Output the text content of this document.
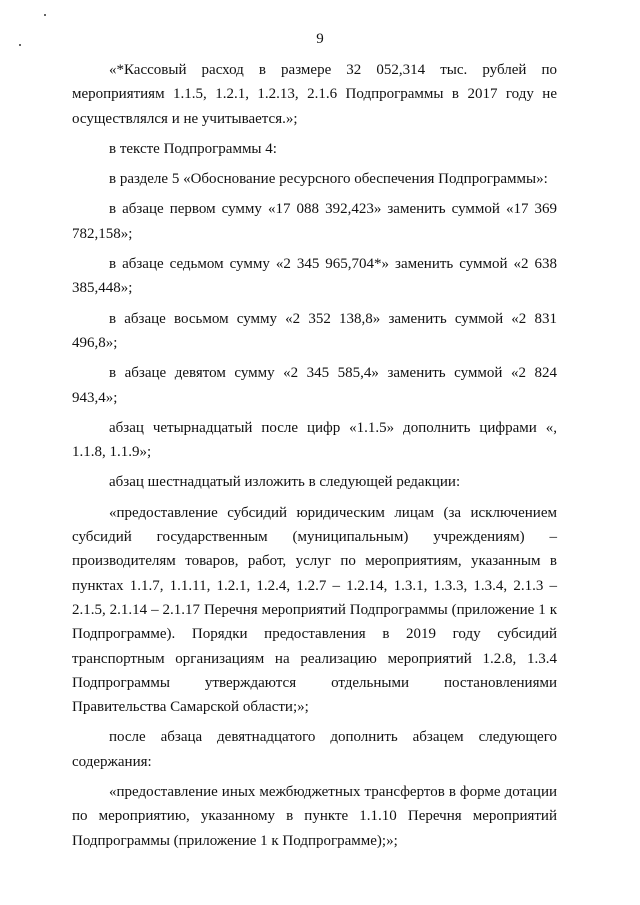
9

«*Кассовый расход в размере 32 052,314 тыс. рублей по мероприятиям 1.1.5, 1.2.1, 1.2.13, 2.1.6 Подпрограммы в 2017 году не осуществлялся и не учитывается.»;

в тексте Подпрограммы 4:

в разделе 5 «Обоснование ресурсного обеспечения Подпрограммы»:

в абзаце первом сумму «17 088 392,423» заменить суммой «17 369 782,158»;

в абзаце седьмом сумму «2 345 965,704*» заменить суммой «2 638 385,448»;

в абзаце восьмом сумму «2 352 138,8» заменить суммой «2 831 496,8»;

в абзаце девятом сумму «2 345 585,4» заменить суммой «2 824 943,4»;

абзац четырнадцатый после цифр «1.1.5» дополнить цифрами «, 1.1.8, 1.1.9»;

абзац шестнадцатый изложить в следующей редакции:

«предоставление субсидий юридическим лицам (за исключением субсидий государственным (муниципальным) учреждениям) – производителям товаров, работ, услуг по мероприятиям, указанным в пунктах 1.1.7, 1.1.11, 1.2.1, 1.2.4, 1.2.7 – 1.2.14, 1.3.1, 1.3.3, 1.3.4, 2.1.3 – 2.1.5, 2.1.14 – 2.1.17 Перечня мероприятий Подпрограммы (приложение 1 к Подпрограмме). Порядки предоставления в 2019 году субсидий транспортным организациям на реализацию мероприятий 1.2.8, 1.3.4 Подпрограммы утверждаются отдельными постановлениями Правительства Самарской области;»;

после абзаца девятнадцатого дополнить абзацем следующего содержания:

«предоставление иных межбюджетных трансфертов в форме дотации по мероприятию, указанному в пункте 1.1.10 Перечня мероприятий Подпрограммы (приложение 1 к Подпрограмме);»;
